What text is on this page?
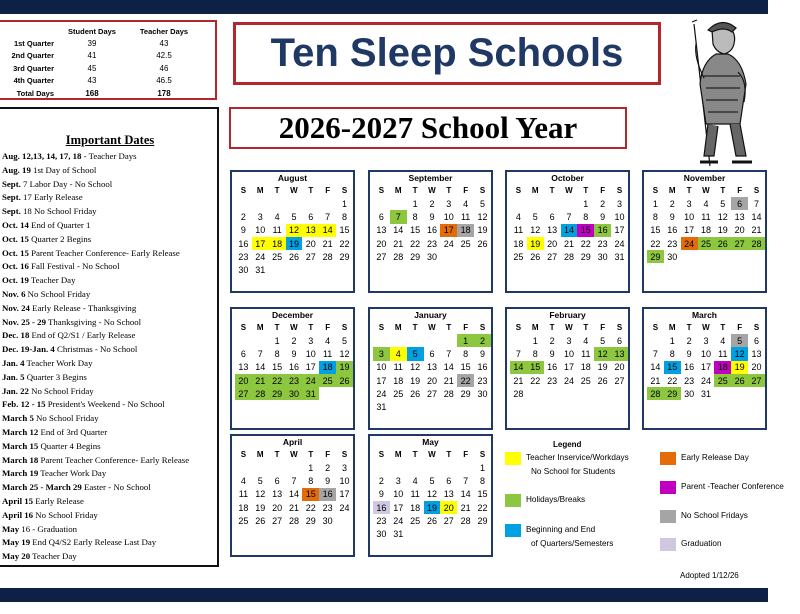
	Student Days	Teacher Days
1st Quarter	39	43
2nd Quarter	41	42.5
3rd Quarter	45	46
4th Quarter	43	46.5
Total Days	168	178
Important Dates
Aug. 12,13, 14, 17, 18 - Teacher Days
Aug. 19 1st Day of School
Sept. 7 Labor Day - No School
Sept. 17 Early Release
Sept. 18 No School Friday
Oct. 14 End of Quarter 1
Oct. 15 Quarter 2 Begins
Oct. 15 Parent Teacher Conference- Early Release
Oct. 16 Fall Festival - No School
Oct. 19 Teacher Day
Nov. 6 No School Friday
Nov. 24 Early Release - Thanksgiving
Nov. 25 - 29 Thanksgiving - No School
Dec. 18 End of Q2/S1 / Early Release
Dec. 19-Jan. 4 Christmas - No School
Jan. 4 Teacher Work Day
Jan. 5 Quarter 3 Begins
Jan. 22 No School Friday
Feb. 12 - 15 President's Weekend - No School
March 5 No School Friday
March 12 End of 3rd Quarter
March 15 Quarter 4 Begins
March 18 Parent Teacher Conference- Early Release
March 19 Teacher Work Day
March 25 - March 29 Easter - No School
April 15 Early Release
April 16 No School Friday
May 16 - Graduation
May 19 End Q4/S2 Early Release Last Day
May 20 Teacher Day
Ten Sleep Schools
2026-2027 School Year
August
S	M	T	W	T	F	S
						1
2	3	4	5	6	7	8
9	10	11	12	13	14	15
16	17	18	19	20	21	22
23	24	25	26	27	28	29
30	31					
September
S	M	T	W	T	F	S
		1	2	3	4	5
6	7	8	9	10	11	12
13	14	15	16	17	18	19
20	21	22	23	24	25	26
27	28	29	30			

October
S	M	T	W	T	F	S
				1	2	3
4	5	6	7	8	9	10
11	12	13	14	15	16	17
18	19	20	21	22	23	24
25	26	27	28	29	30	31

November
S	M	T	W	T	F	S
1	2	3	4	5	6	7
8	9	10	11	12	13	14
15	16	17	18	19	20	21
22	23	24	25	26	27	28
29	30					

December
S	M	T	W	T	F	S
		1	2	3	4	5
6	7	8	9	10	11	12
13	14	15	16	17	18	19
20	21	22	23	24	25	26
27	28	29	30	31		

January
S	M	T	W	T	F	S
					1	2
3	4	5	6	7	8	9
10	11	12	13	14	15	16
17	18	19	20	21	22	23
24	25	26	27	28	29	30
31						
February
S	M	T	W	T	F	S
	1	2	3	4	5	6
7	8	9	10	11	12	13
14	15	16	17	18	19	20
21	22	23	24	25	26	27
28						

March
S	M	T	W	T	F	S
	1	2	3	4	5	6
7	8	9	10	11	12	13
14	15	16	17	18	19	20
21	22	23	24	25	26	27
28	29	30	31			

April
S	M	T	W	T	F	S
				1	2	3
4	5	6	7	8	9	10
11	12	13	14	15	16	17
18	19	20	21	22	23	24
25	26	27	28	29	30	

May
S	M	T	W	T	F	S
						1
2	3	4	5	6	7	8
9	10	11	12	13	14	15
16	17	18	19	20	21	22
23	24	25	26	27	28	29
30	31					
Legend
Teacher Inservice/Workdays
No School for Students
Holidays/Breaks
Beginning and End
of Quarters/Semesters
Early Release Day
Parent -Teacher Conference
No School Fridays
Graduation
Adopted 1/12/26
